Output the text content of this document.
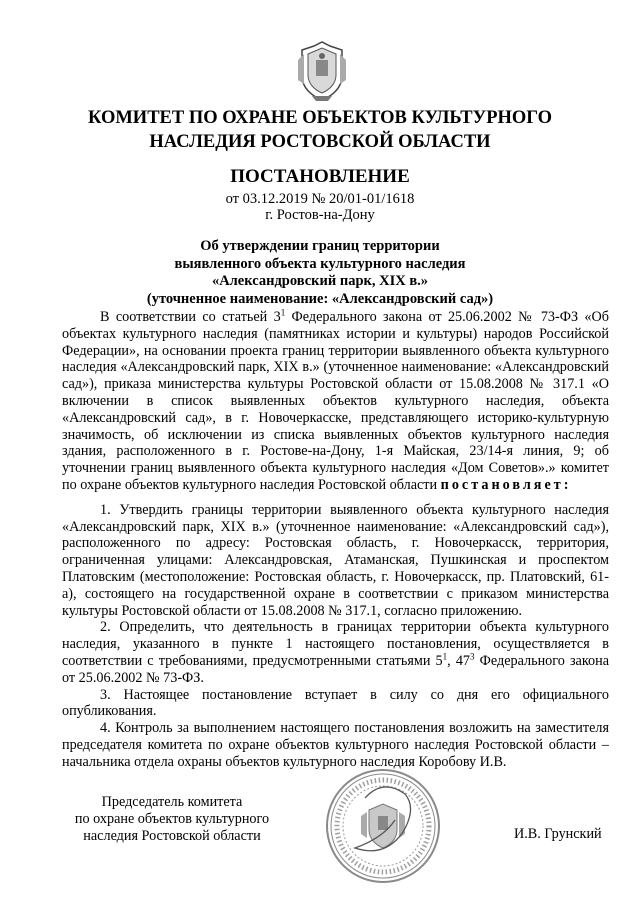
КОМИТЕТ ПО ОХРАНЕ ОБЪЕКТОВ КУЛЬТУРНОГО
НАСЛЕДИЯ РОСТОВСКОЙ ОБЛАСТИ
ПОСТАНОВЛЕНИЕ
от 03.12.2019 № 20/01-01/1618
г. Ростов-на-Дону
Об утверждении границ территории
выявленного объекта культурного наследия
«Александровский парк, XIX в.»
(уточненное наименование: «Александровский сад»)

В соответствии со статьей $3^1$ Федерального закона от 25.06.2002 № 73-ФЗ «Об объектах культурного наследия (памятниках истории и культуры) народов Российской Федерации», на основании проекта границ территории выявленного объекта культурного наследия «Александровский парк, XIX в.» (уточненное наименование: «Александровский сад»), приказа министерства культуры Ростовской области от 15.08.2008 № 317.1 «О включении в список выявленных объектов культурного наследия, объекта «Александровский сад», в г. Новочеркасске, представляющего историко-культурную значимость, об исключении из списка выявленных объектов культурного наследия здания, расположенного в г. Ростове-на-Дону, 1-я Майская, 23/14-я линия, 9; об уточнении границ выявленного объекта культурного наследия «Дом Советов».» комитет по охране объектов культурного наследия Ростовской области постановляет:

1. Утвердить границы территории выявленного объекта культурного наследия «Александровский парк, XIX в.» (уточненное наименование: «Александровский сад»), расположенного по адресу: Ростовская область, г. Новочеркасск, территория, ограниченная улицами: Александровская, Атаманская, Пушкинская и проспектом Платовским (местоположение: Ростовская область, г. Новочеркасск, пр. Платовский, 61-а), состоящего на государственной охране в соответствии с приказом министерства культуры Ростовской области от 15.08.2008 № 317.1, согласно приложению.

2. Определить, что деятельность в границах территории объекта культурного наследия, указанного в пункте 1 настоящего постановления, осуществляется в соответствии с требованиями, предусмотренными статьями $5^1$, $47^3$ Федерального закона от 25.06.2002 № 73-ФЗ.

3. Настоящее постановление вступает в силу со дня его официального опубликования.

4. Контроль за выполнением настоящего постановления возложить на заместителя председателя комитета по охране объектов культурного наследия Ростовской области – начальника отдела охраны объектов культурного наследия Коробову И.В.

Председатель комитета
по охране объектов культурного
наследия Ростовской области	И.В. Грунский
